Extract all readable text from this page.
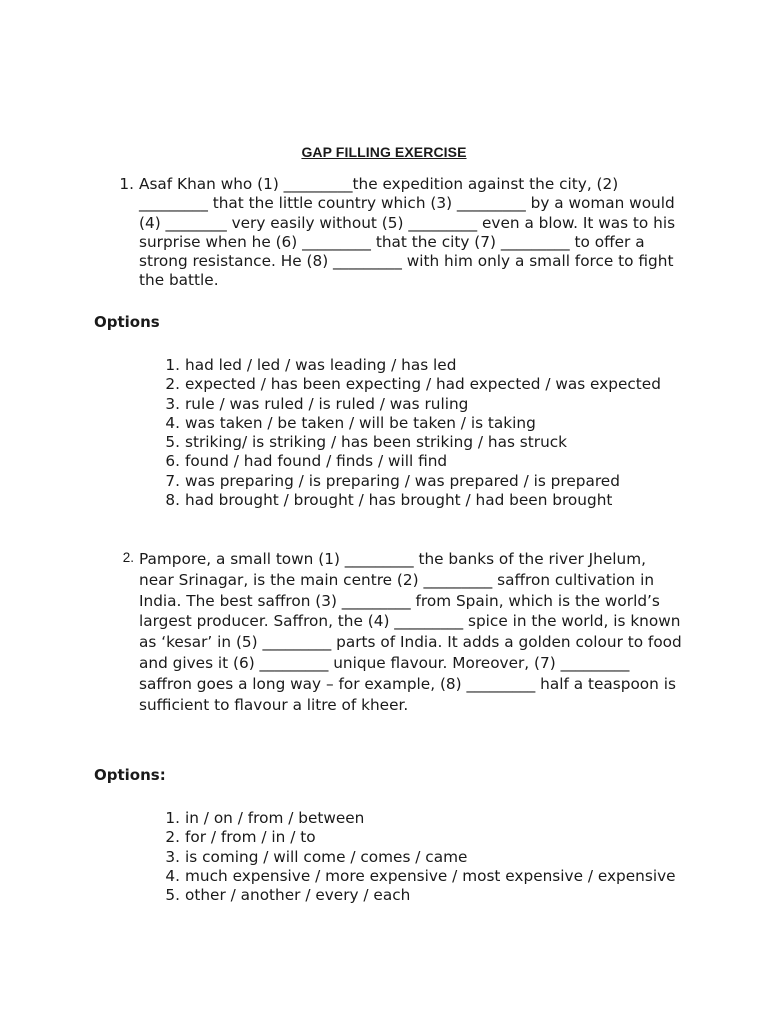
GAP FILLING EXERCISE
1. Asaf Khan who (1) _________the expedition against the city, (2) _________ that the little country which (3) _________ by a woman would (4) ________ very easily without (5) _________ even a blow. It was to his surprise when he (6) _________ that the city (7) _________ to offer a strong resistance. He (8) _________ with him only a small force to fight the battle.
Options
1. had led / led / was leading / has led
2. expected / has been expecting / had expected / was expected
3. rule / was ruled / is ruled / was ruling
4. was taken / be taken / will be taken / is taking
5. striking/ is striking / has been striking / has struck
6. found / had found / finds / will find
7. was preparing / is preparing / was prepared / is prepared
8. had brought / brought / has brought / had been brought
2. Pampore, a small town (1) _________ the banks of the river Jhelum, near Srinagar, is the main centre (2) _________ saffron cultivation in India. The best saffron (3) _________ from Spain, which is the world’s largest producer. Saffron, the (4) _________ spice in the world, is known as ‘kesar’ in (5) _________ parts of India. It adds a golden colour to food and gives it (6) _________ unique flavour. Moreover, (7) _________ saffron goes a long way – for example, (8) _________ half a teaspoon is sufficient to flavour a litre of kheer.
Options:
1. in / on / from / between
2. for / from / in / to
3. is coming / will come / comes / came
4. much expensive / more expensive / most expensive / expensive
5. other / another / every / each
